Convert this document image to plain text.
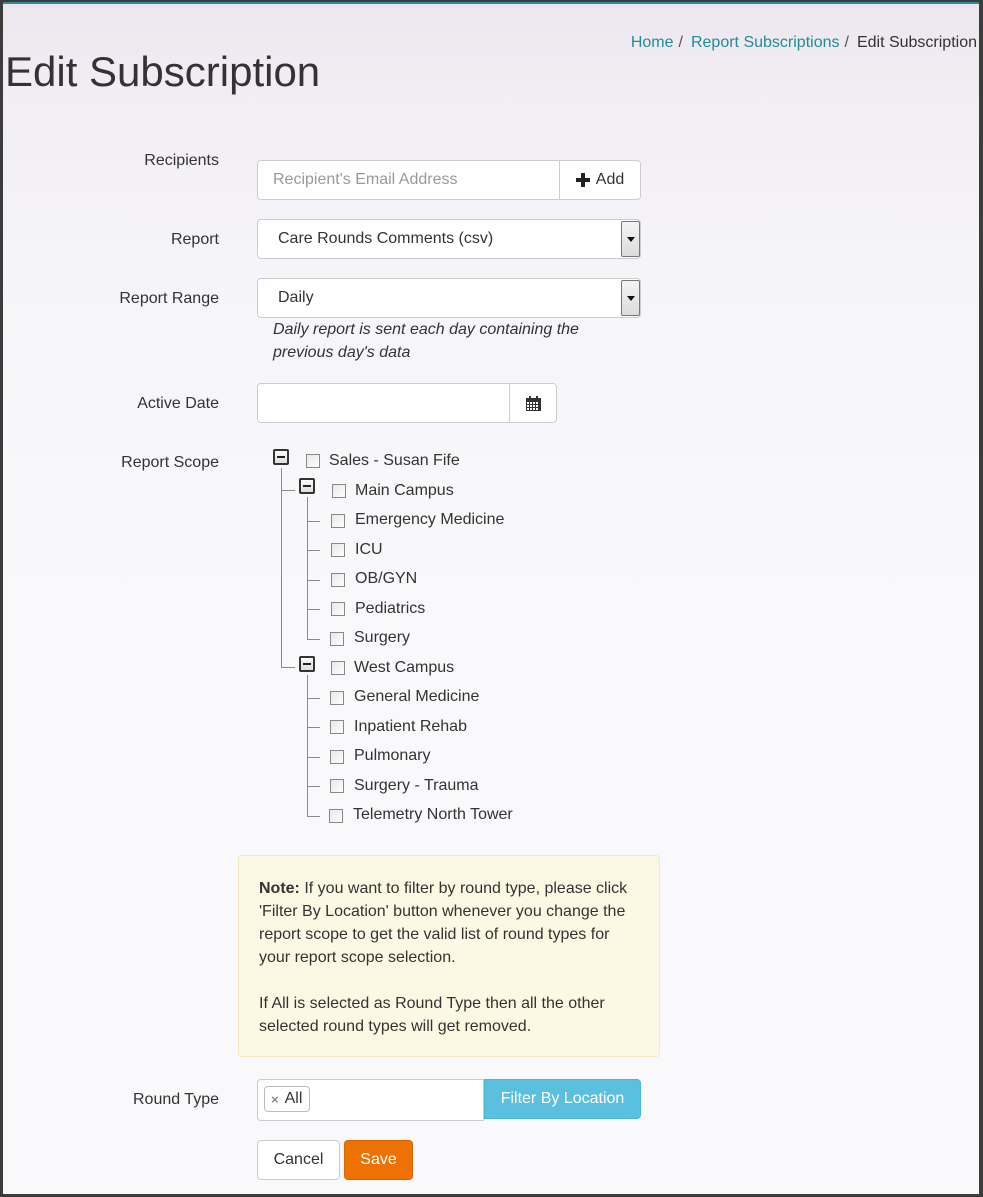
Home / Report Subscriptions / Edit Subscription
Edit Subscription
Recipients
Recipient's Email Address
Add
Report	Care Rounds Comments (csv)
Report Range	Daily
Daily report is sent each day containing the previous day's data
Active Date
Report Scope	Sales - Susan Fife
Main Campus
Emergency Medicine
ICU
OB/GYN
Pediatrics
Surgery
West Campus
General Medicine
Inpatient Rehab
Pulmonary
Surgery - Trauma
Telemetry North Tower

Note: If you want to filter by round type, please click 'Filter By Location' button whenever you change the report scope to get the valid list of round types for your report scope selection.

If All is selected as Round Type then all the other selected round types will get removed.

Round Type	× All	Filter By Location
Cancel	Save
